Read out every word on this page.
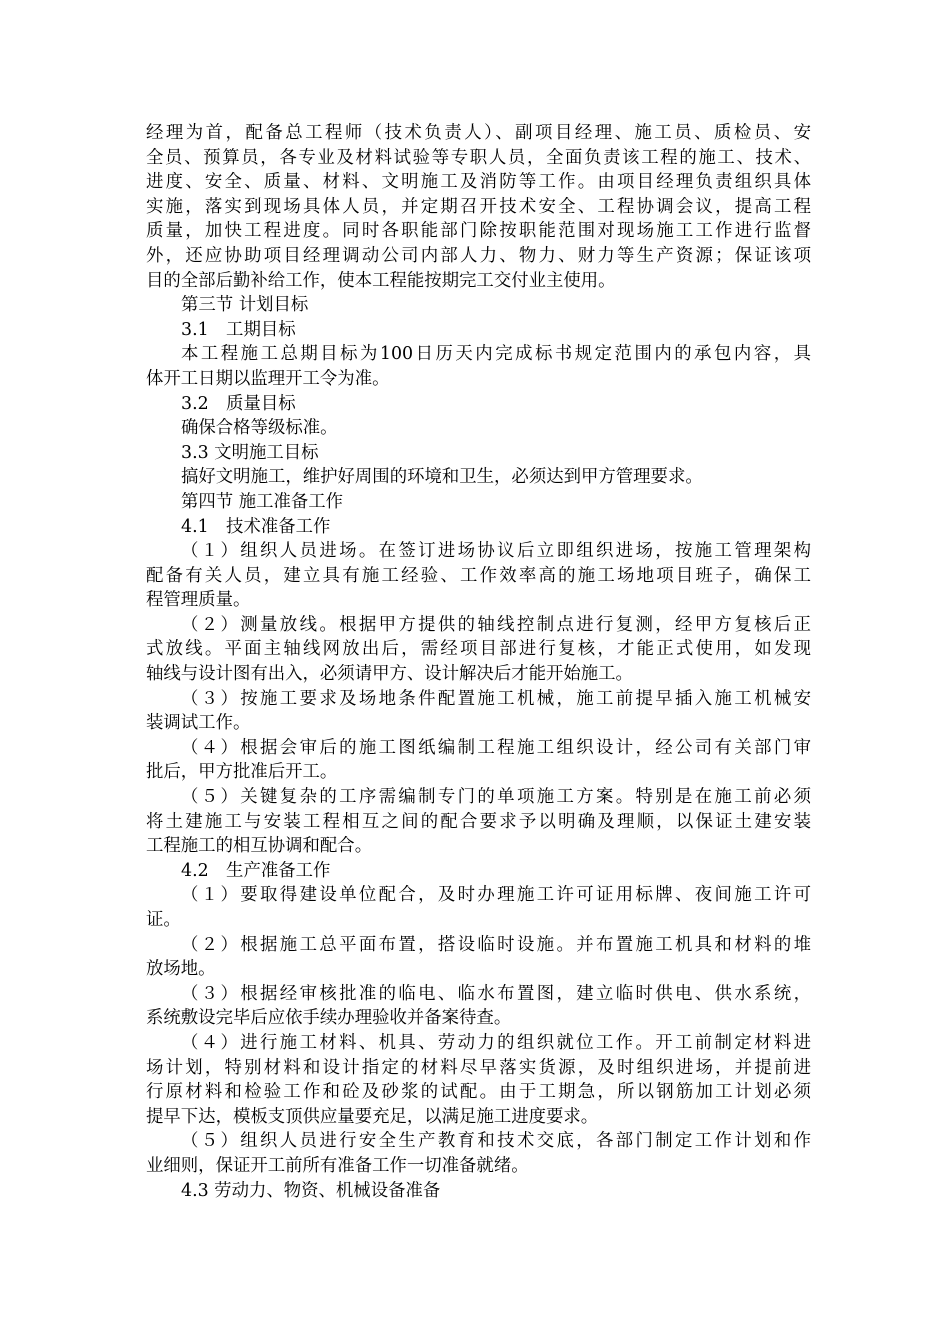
经理为首，配备总工程师（技术负责人）、副项目经理、施工员、质检员、安
全员、预算员，各专业及材料试验等专职人员，全面负责该工程的施工、技术、
进度、安全、质量、材料、文明施工及消防等工作。由项目经理负责组织具体
实施，落实到现场具体人员，并定期召开技术安全、工程协调会议，提高工程
质量，加快工程进度。同时各职能部门除按职能范围对现场施工工作进行监督
外，还应协助项目经理调动公司内部人力、物力、财力等生产资源；保证该项
目的全部后勤补给工作，使本工程能按期完工交付业主使用。
第三节 计划目标
3.1　工期目标
本工程施工总期目标为100日历天内完成标书规定范围内的承包内容，具
体开工日期以监理开工令为准。
3.2　质量目标
确保合格等级标准。
3.3 文明施工目标
搞好文明施工，维护好周围的环境和卫生，必须达到甲方管理要求。
第四节 施工准备工作
4.1　技术准备工作
（１）组织人员进场。在签订进场协议后立即组织进场，按施工管理架构
配备有关人员，建立具有施工经验、工作效率高的施工场地项目班子，确保工
程管理质量。
（２）测量放线。根据甲方提供的轴线控制点进行复测，经甲方复核后正
式放线。平面主轴线网放出后，需经项目部进行复核，才能正式使用，如发现
轴线与设计图有出入，必须请甲方、设计解决后才能开始施工。
（３）按施工要求及场地条件配置施工机械，施工前提早插入施工机械安
装调试工作。
（４）根据会审后的施工图纸编制工程施工组织设计，经公司有关部门审
批后，甲方批准后开工。
（５）关键复杂的工序需编制专门的单项施工方案。特别是在施工前必须
将土建施工与安装工程相互之间的配合要求予以明确及理顺，以保证土建安装
工程施工的相互协调和配合。
4.2　生产准备工作
（１）要取得建设单位配合，及时办理施工许可证用标牌、夜间施工许可
证。
（２）根据施工总平面布置，搭设临时设施。并布置施工机具和材料的堆
放场地。
（３）根据经审核批准的临电、临水布置图，建立临时供电、供水系统，
系统敷设完毕后应依手续办理验收并备案待查。
（４）进行施工材料、机具、劳动力的组织就位工作。开工前制定材料进
场计划，特别材料和设计指定的材料尽早落实货源，及时组织进场，并提前进
行原材料和检验工作和砼及砂浆的试配。由于工期急，所以钢筋加工计划必须
提早下达，模板支顶供应量要充足，以满足施工进度要求。
（５）组织人员进行安全生产教育和技术交底，各部门制定工作计划和作
业细则，保证开工前所有准备工作一切准备就绪。
4.3 劳动力、物资、机械设备准备
